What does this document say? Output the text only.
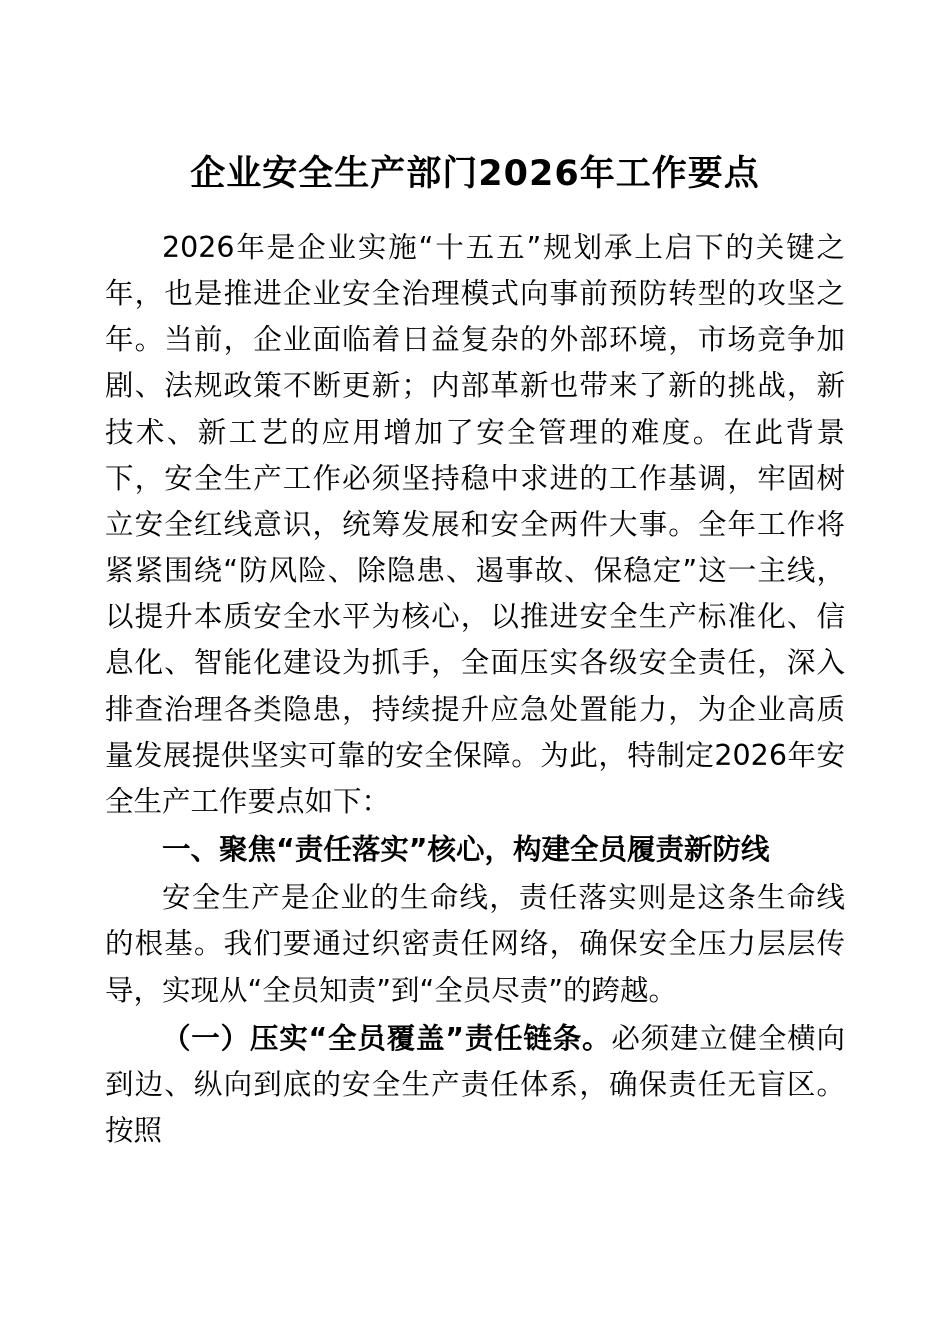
企业安全生产部门2026年工作要点

2026年是企业实施“十五五”规划承上启下的关键之年，也是推进企业安全治理模式向事前预防转型的攻坚之年。当前，企业面临着日益复杂的外部环境，市场竞争加剧、法规政策不断更新；内部革新也带来了新的挑战，新技术、新工艺的应用增加了安全管理的难度。在此背景下，安全生产工作必须坚持稳中求进的工作基调，牢固树立安全红线意识，统筹发展和安全两件大事。全年工作将紧紧围绕“防风险、除隐患、遏事故、保稳定”这一主线，以提升本质安全水平为核心，以推进安全生产标准化、信息化、智能化建设为抓手，全面压实各级安全责任，深入排查治理各类隐患，持续提升应急处置能力，为企业高质量发展提供坚实可靠的安全保障。为此，特制定2026年安全生产工作要点如下：

一、聚焦“责任落实”核心，构建全员履责新防线

安全生产是企业的生命线，责任落实则是这条生命线的根基。我们要通过织密责任网络，确保安全压力层层传导，实现从“全员知责”到“全员尽责”的跨越。

（一）压实“全员覆盖”责任链条。必须建立健全横向到边、纵向到底的安全生产责任体系，确保责任无盲区。按照
